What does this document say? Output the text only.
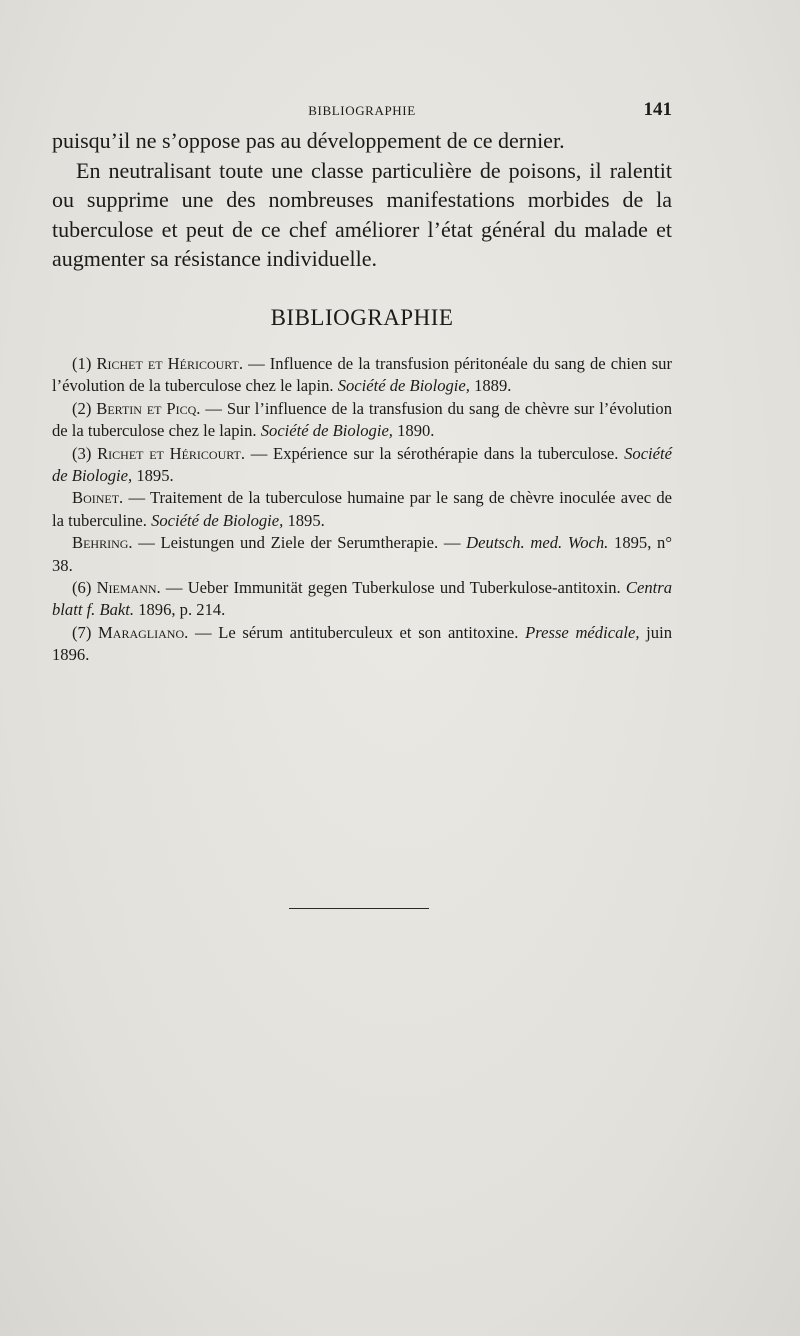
BIBLIOGRAPHIE	141

puisqu’il ne s’oppose pas au développement de ce dernier.

En neutralisant toute une classe particulière de poisons, il ralentit ou supprime une des nombreuses manifestations morbides de la tuberculose et peut de ce chef améliorer l’état général du malade et augmenter sa résistance individuelle.

BIBLIOGRAPHIE

(1) Richet et Héricourt. — Influence de la transfusion péritonéale du sang de chien sur l’évolution de la tuberculose chez le lapin. Société de Biologie, 1889.

(2) Bertin et Picq. — Sur l’influence de la transfusion du sang de chèvre sur l’évolution de la tuberculose chez le lapin. Société de Biologie, 1890.

(3) Richet et Héricourt. — Expérience sur la sérothérapie dans la tuberculose. Société de Biologie, 1895.

Boinet. — Traitement de la tuberculose humaine par le sang de chèvre inoculée avec de la tuberculine. Société de Biologie, 1895.

Behring. — Leistungen und Ziele der Serumtherapie. — Deutsch. med. Woch. 1895, n° 38.

(6) Niemann. — Ueber Immunität gegen Tuberkulose und Tuberkulose-antitoxin. Centra blatt f. Bakt. 1896, p. 214.

(7) Maragliano. — Le sérum antituberculeux et son antitoxine. Presse médicale, juin 1896.
